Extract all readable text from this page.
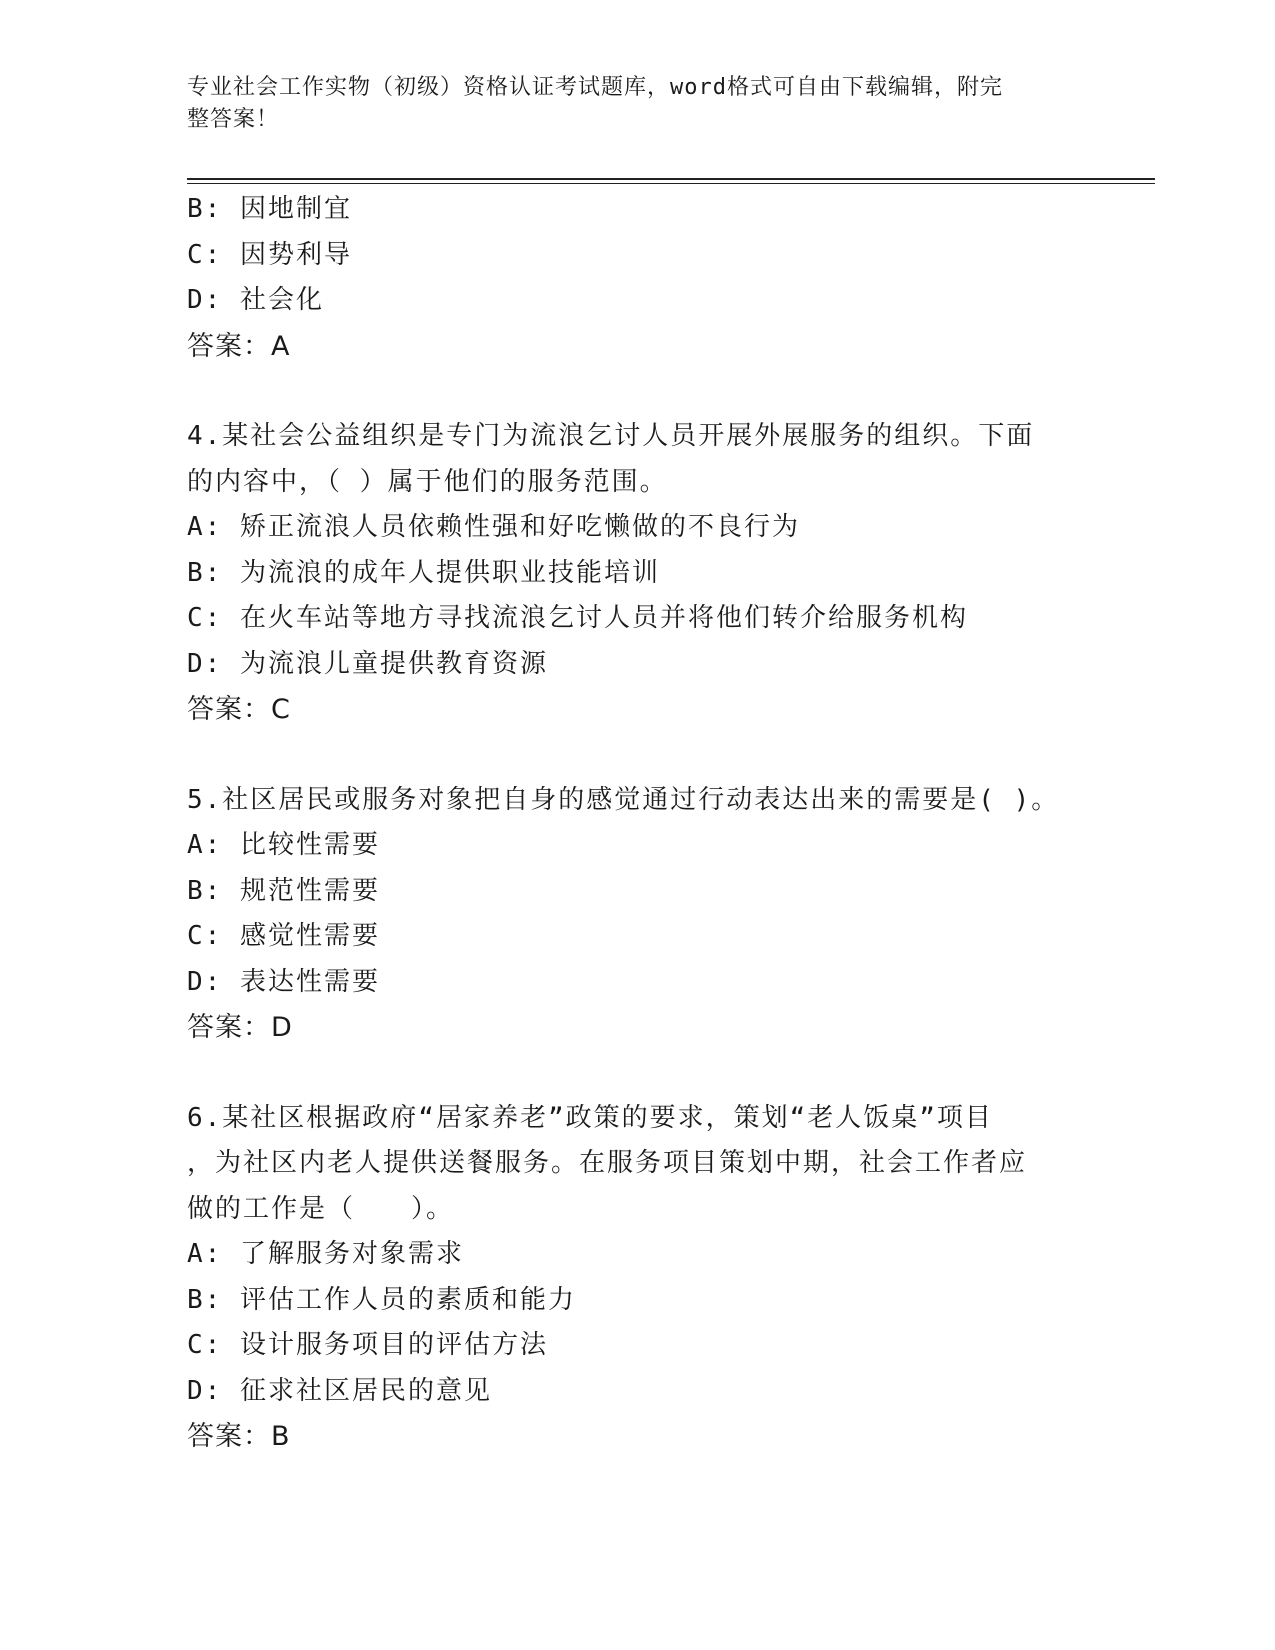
专业社会工作实物（初级）资格认证考试题库，word格式可自由下载编辑，附完
整答案！
B: 因地制宜
C: 因势利导
D: 社会化
答案：A
4.某社会公益组织是专门为流浪乞讨人员开展外展服务的组织。下面
的内容中，（ ）属于他们的服务范围。
A: 矫正流浪人员依赖性强和好吃懒做的不良行为
B: 为流浪的成年人提供职业技能培训
C: 在火车站等地方寻找流浪乞讨人员并将他们转介给服务机构
D: 为流浪儿童提供教育资源
答案：C
5.社区居民或服务对象把自身的感觉通过行动表达出来的需要是( )。
A: 比较性需要
B: 规范性需要
C: 感觉性需要
D: 表达性需要
答案：D
6.某社区根据政府“居家养老”政策的要求，策划“老人饭桌”项目
，为社区内老人提供送餐服务。在服务项目策划中期，社会工作者应
做的工作是（　　）。
A: 了解服务对象需求
B: 评估工作人员的素质和能力
C: 设计服务项目的评估方法
D: 征求社区居民的意见
答案：B
